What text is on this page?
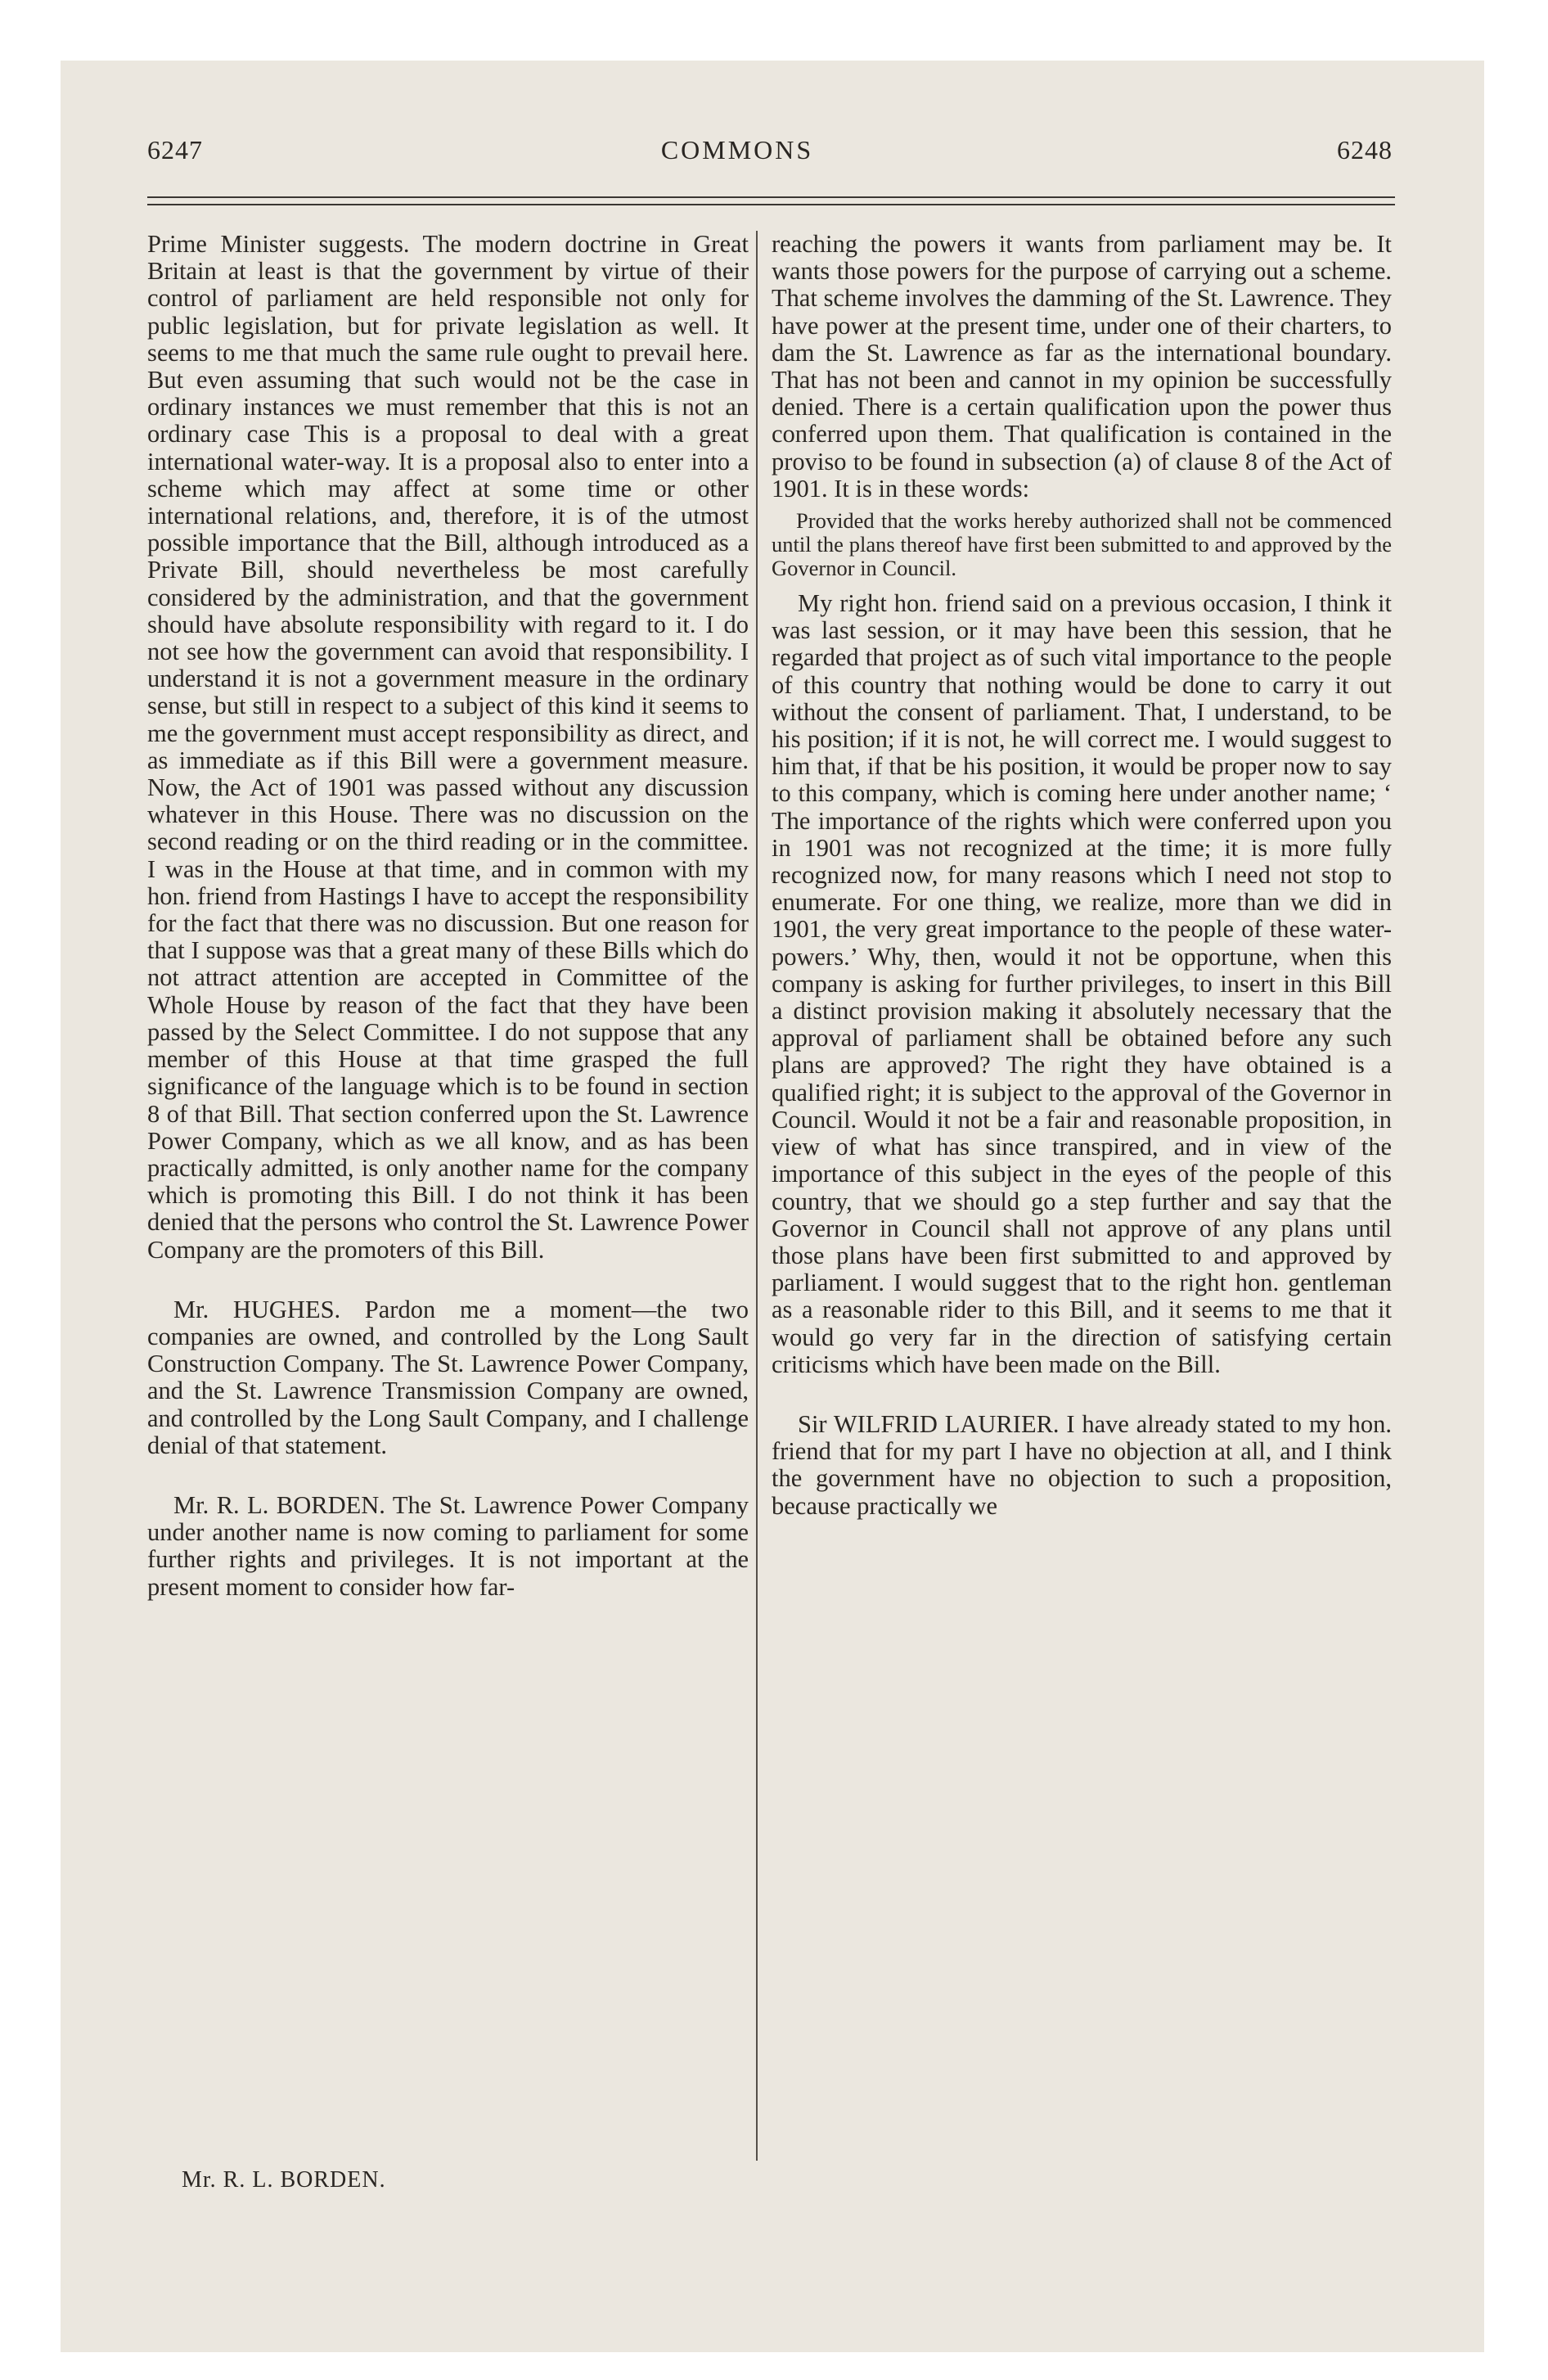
6247	COMMONS	6248

Prime Minister suggests. The modern doctrine in Great Britain at least is that the government by virtue of their control of parliament are held responsible not only for public legislation, but for private legislation as well. It seems to me that much the same rule ought to prevail here. But even assuming that such would not be the case in ordinary instances we must remember that this is not an ordinary case This is a proposal to deal with a great international water-way. It is a proposal also to enter into a scheme which may affect at some time or other international relations, and, therefore, it is of the utmost possible importance that the Bill, although introduced as a Private Bill, should nevertheless be most carefully considered by the administration, and that the government should have absolute responsibility with regard to it. I do not see how the government can avoid that responsibility. I understand it is not a government measure in the ordinary sense, but still in respect to a subject of this kind it seems to me the government must accept responsibility as direct, and as immediate as if this Bill were a government measure. Now, the Act of 1901 was passed without any discussion whatever in this House. There was no discussion on the second reading or on the third reading or in the committee. I was in the House at that time, and in common with my hon. friend from Hastings I have to accept the responsibility for the fact that there was no discussion. But one reason for that I suppose was that a great many of these Bills which do not attract attention are accepted in Committee of the Whole House by reason of the fact that they have been passed by the Select Committee. I do not suppose that any member of this House at that time grasped the full significance of the language which is to be found in section 8 of that Bill. That section conferred upon the St. Lawrence Power Company, which as we all know, and as has been practically admitted, is only another name for the company which is promoting this Bill. I do not think it has been denied that the persons who control the St. Lawrence Power Company are the promoters of this Bill.

Mr. HUGHES. Pardon me a moment—the two companies are owned, and controlled by the Long Sault Construction Company. The St. Lawrence Power Company, and the St. Lawrence Transmission Company are owned, and controlled by the Long Sault Company, and I challenge denial of that statement.

Mr. R. L. BORDEN. The St. Lawrence Power Company under another name is now coming to parliament for some further rights and privileges. It is not important at the present moment to consider how far-

reaching the powers it wants from parliament may be. It wants those powers for the purpose of carrying out a scheme. That scheme involves the damming of the St. Lawrence. They have power at the present time, under one of their charters, to dam the St. Lawrence as far as the international boundary. That has not been and cannot in my opinion be successfully denied. There is a certain qualification upon the power thus conferred upon them. That qualification is contained in the proviso to be found in subsection (a) of clause 8 of the Act of 1901. It is in these words:

Provided that the works hereby authorized shall not be commenced until the plans thereof have first been submitted to and approved by the Governor in Council.

My right hon. friend said on a previous occasion, I think it was last session, or it may have been this session, that he regarded that project as of such vital importance to the people of this country that nothing would be done to carry it out without the consent of parliament. That, I understand, to be his position; if it is not, he will correct me. I would suggest to him that, if that be his position, it would be proper now to say to this company, which is coming here under another name; ‘ The importance of the rights which were conferred upon you in 1901 was not recognized at the time; it is more fully recognized now, for many reasons which I need not stop to enumerate. For one thing, we realize, more than we did in 1901, the very great importance to the people of these water-powers.’ Why, then, would it not be opportune, when this company is asking for further privileges, to insert in this Bill a distinct provision making it absolutely necessary that the approval of parliament shall be obtained before any such plans are approved? The right they have obtained is a qualified right; it is subject to the approval of the Governor in Council. Would it not be a fair and reasonable proposition, in view of what has since transpired, and in view of the importance of this subject in the eyes of the people of this country, that we should go a step further and say that the Governor in Council shall not approve of any plans until those plans have been first submitted to and approved by parliament. I would suggest that to the right hon. gentleman as a reasonable rider to this Bill, and it seems to me that it would go very far in the direction of satisfying certain criticisms which have been made on the Bill.

Sir WILFRID LAURIER. I have already stated to my hon. friend that for my part I have no objection at all, and I think the government have no objection to such a proposition, because practically we

Mr. R. L. BORDEN.
